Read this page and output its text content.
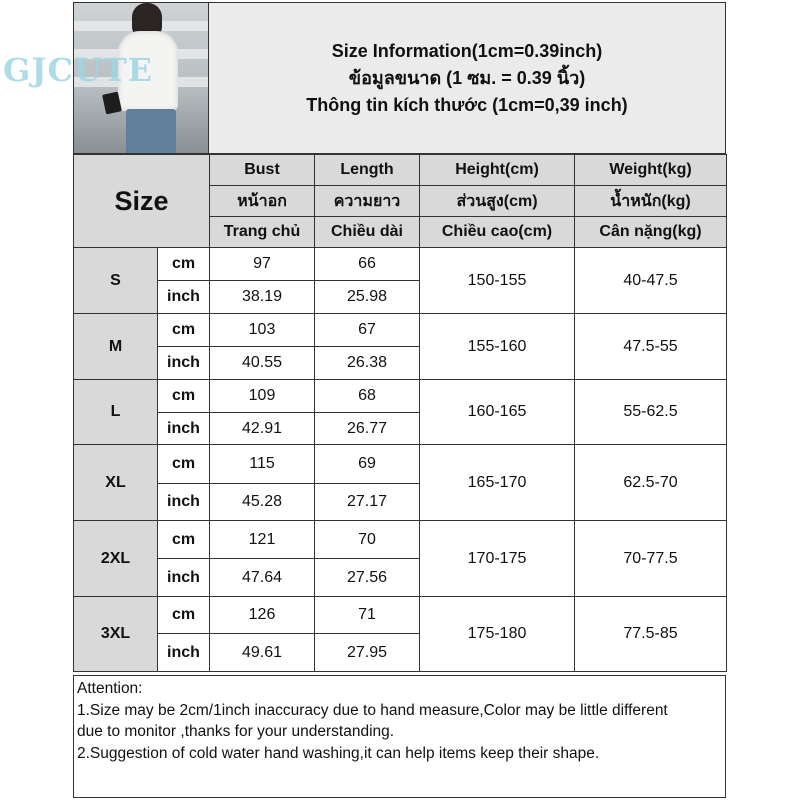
Size Information(1cm=0.39inch)
ข้อมูลขนาด (1 ซม. = 0.39 นิ้ว)
Thông tin kích thước (1cm=0,39 inch)
Size		Bust	Length	Height(cm)	Weight(kg)
		หน้าอก	ความยาว	ส่วนสูง(cm)	น้ำหนัก(kg)
		Trang chủ	Chiều dài	Chiều cao(cm)	Cân nặng(kg)
S	cm	97	66	150-155	40-47.5
	inch	38.19	25.98		
M	cm	103	67	155-160	47.5-55
	inch	40.55	26.38		
L	cm	109	68	160-165	55-62.5
	inch	42.91	26.77		
XL	cm	115	69	165-170	62.5-70
	inch	45.28	27.17		
2XL	cm	121	70	170-175	70-77.5
	inch	47.64	27.56		
3XL	cm	126	71	175-180	77.5-85
	inch	49.61	27.95		

Attention:

1.Size may be 2cm/1inch inaccuracy due to hand measure,Color may be little different

due to monitor ,thanks for your understanding.

2.Suggestion of cold water hand washing,it can help items keep their shape.

GJCUTE
